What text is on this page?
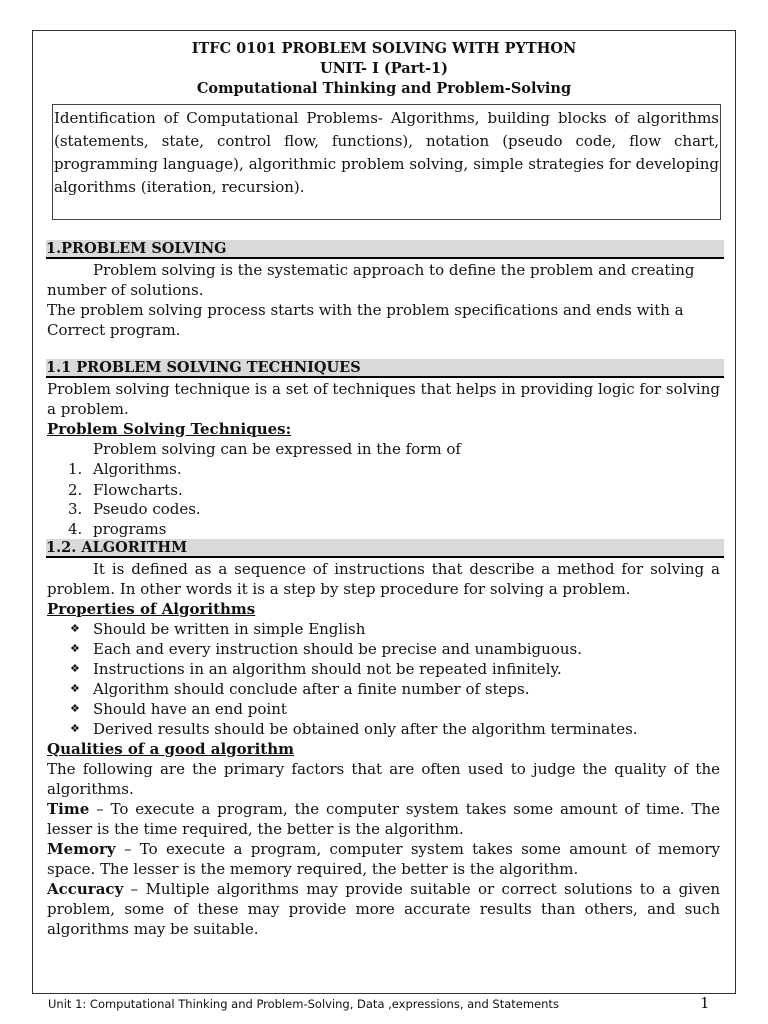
ITFC 0101 PROBLEM SOLVING WITH PYTHON
UNIT- I (Part-1)
Computational Thinking and Problem-Solving
Identification of Computational Problems- Algorithms, building blocks of algorithms
(statements, state, control flow, functions), notation (pseudo code, flow chart,
programming language), algorithmic problem solving, simple strategies for developing
algorithms (iteration, recursion).
1.PROBLEM SOLVING
Problem solving is the systematic approach to define the problem and creating
number of solutions.
The problem solving process starts with the problem specifications and ends with a
Correct program.
1.1 PROBLEM SOLVING TECHNIQUES
Problem solving technique is a set of techniques that helps in providing logic for solving
a problem.
Problem Solving Techniques:
Problem solving can be expressed in the form of
1. Algorithms.
2. Flowcharts.
3. Pseudo codes.
4. programs
1.2. ALGORITHM
It is defined as a sequence of instructions that describe a method for solving a
problem. In other words it is a step by step procedure for solving a problem.
Properties of Algorithms
❖ Should be written in simple English
❖ Each and every instruction should be precise and unambiguous.
❖ Instructions in an algorithm should not be repeated infinitely.
❖ Algorithm should conclude after a finite number of steps.
❖ Should have an end point
❖ Derived results should be obtained only after the algorithm terminates.
Qualities of a good algorithm
The following are the primary factors that are often used to judge the quality of the
algorithms.
Time – To execute a program, the computer system takes some amount of time. The
lesser is the time required, the better is the algorithm.
Memory – To execute a program, computer system takes some amount of memory
space. The lesser is the memory required, the better is the algorithm.
Accuracy – Multiple algorithms may provide suitable or correct solutions to a given
problem, some of these may provide more accurate results than others, and such
algorithms may be suitable.
Unit 1: Computational Thinking and Problem-Solving, Data ,expressions, and Statements	1
